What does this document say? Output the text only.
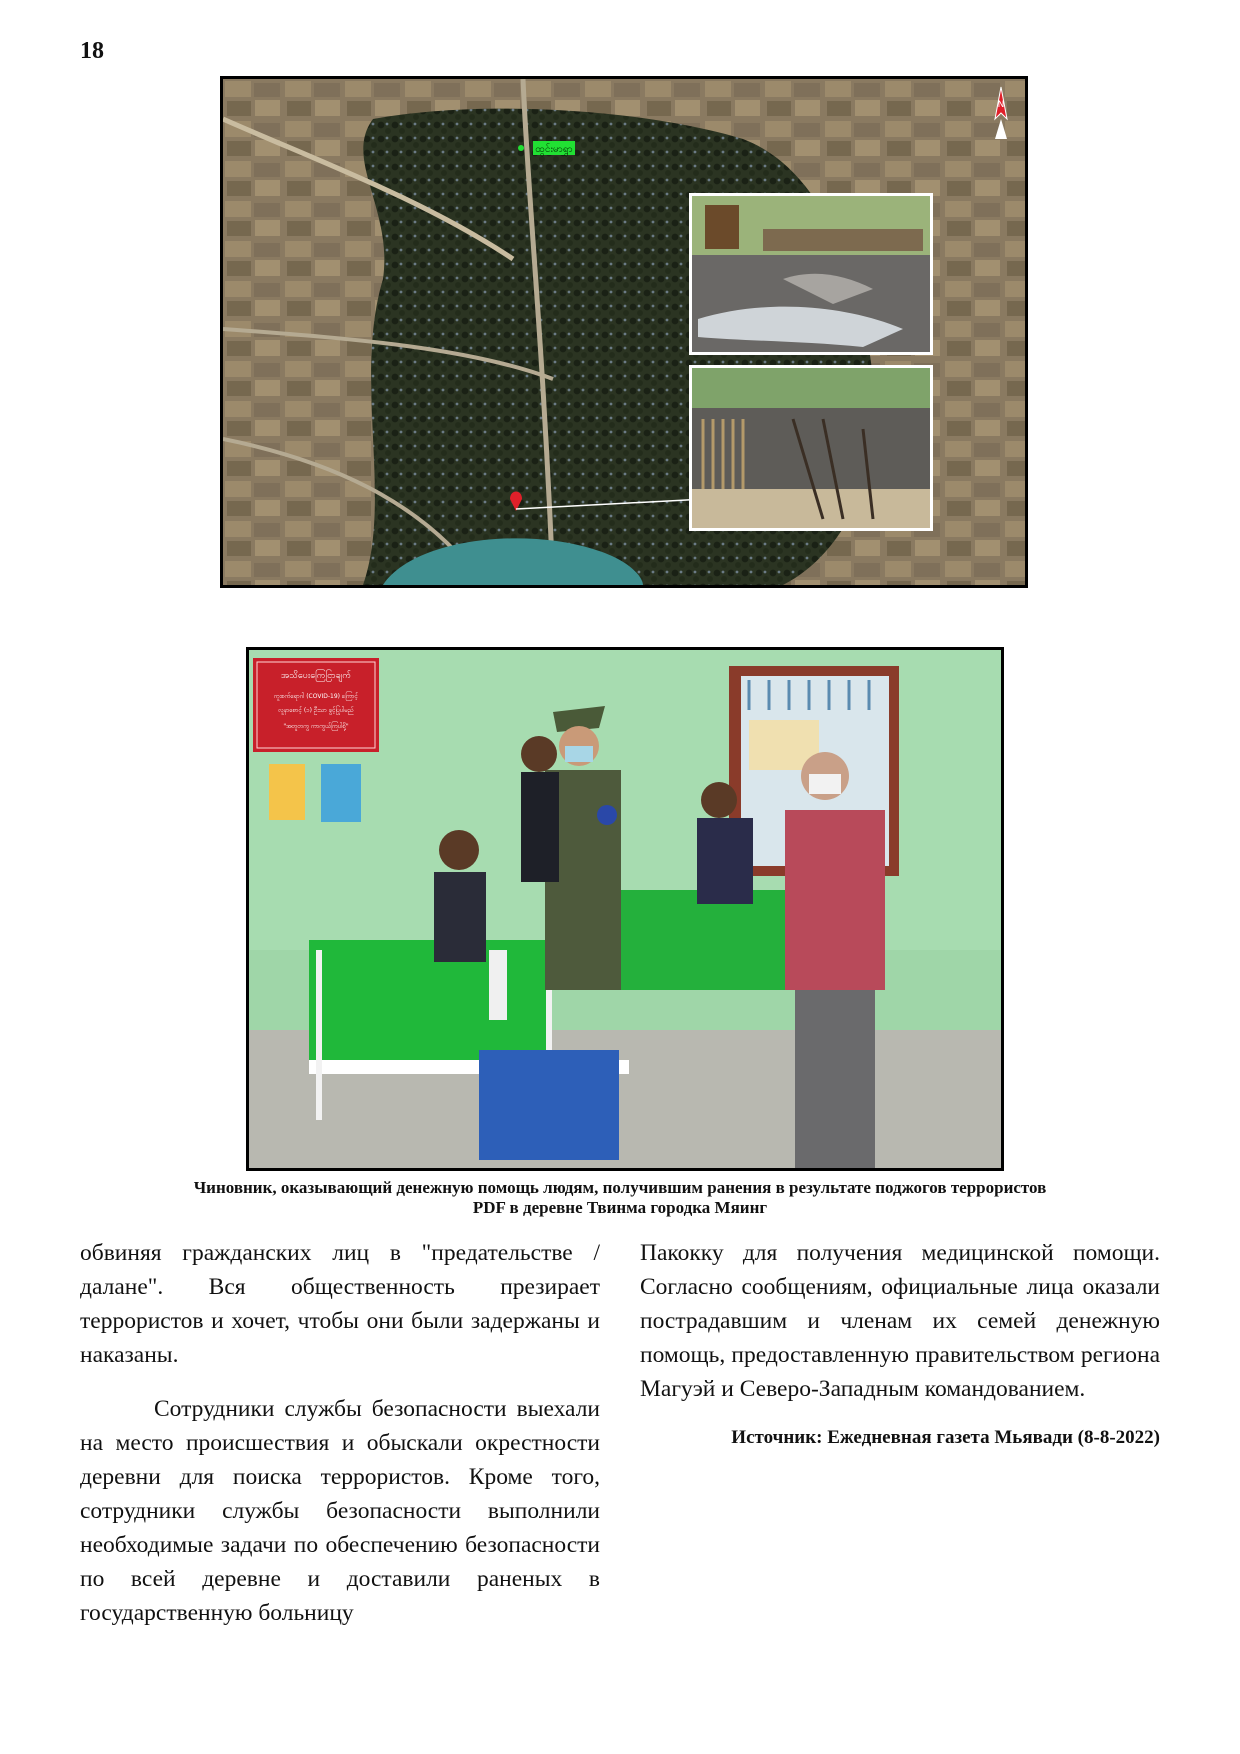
18
ထွင်းမာရွာ
N
အသိပေးကြေငြာချက်
ကူးစက်ရောဂါ (COVID-19) ကြောင့်
လူနာစောင့် (၁) ဦးသာ ခွင့်ပြုပါမည်
"အတူတကွ ကာကွယ်ကြပါစို့"
Чиновник, оказывающий денежную помощь людям, получившим ранения в результате поджогов террористов
PDF в деревне Твинма городка Мяинг

обвиняя гражданских лиц в "предательстве / далане". Вся общественность презирает террористов и хочет, чтобы они были задержаны и наказаны.

Сотрудники службы безопасности выехали на место происшествия и обыскали окрестности деревни для поиска террористов. Кроме того, сотрудники службы безопасности выполнили необходимые задачи по обеспечению безопасности по всей деревне и доставили раненых в государственную больницу

Пакокку для получения медицинской помощи. Согласно сообщениям, официальные лица оказали пострадавшим и членам их семей денежную помощь, предоставленную правительством региона Магуэй и Северо-Западным командованием.

Источник: Ежедневная газета Мьявади (8-8-2022)
